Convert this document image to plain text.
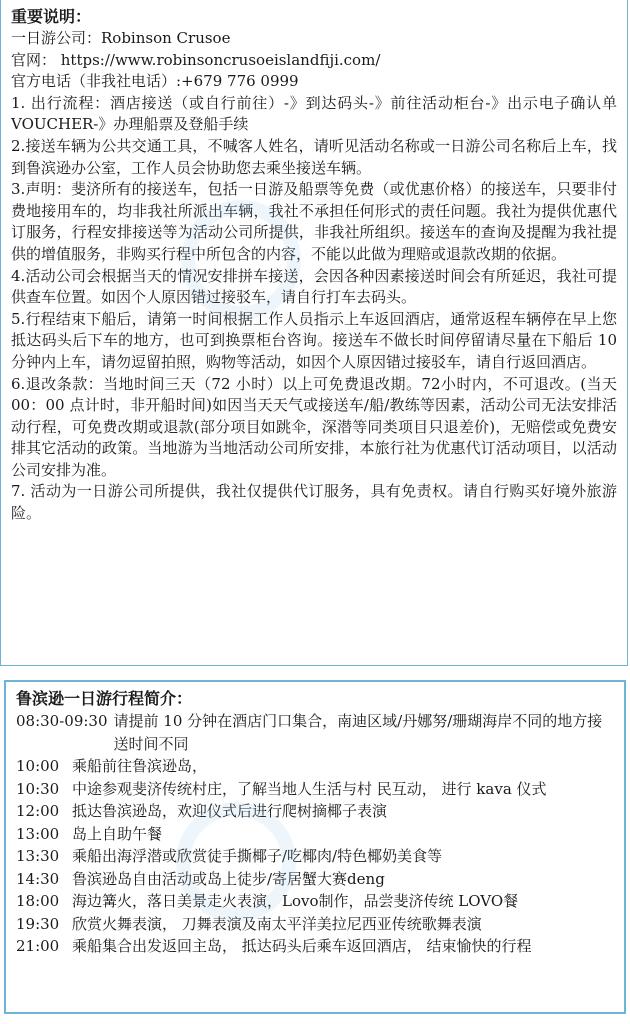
重要说明：

一日游公司：Robinson Crusoe

官网： https://www.robinsoncrusoeislandfiji.com/

官方电话（非我社电话）:+679 776 0999

1. 出行流程：酒店接送（或自行前往）-》到达码头-》前往活动柜台-》出示电子确认单 VOUCHER-》办理船票及登船手续

2.接送车辆为公共交通工具，不喊客人姓名，请听见活动名称或一日游公司名称后上车，找到鲁滨逊办公室，工作人员会协助您去乘坐接送车辆。

3.声明：斐济所有的接送车，包括一日游及船票等免费（或优惠价格）的接送车，只要非付费地接用车的，均非我社所派出车辆，我社不承担任何形式的责任问题。我社为提供优惠代订服务，行程安排接送等为活动公司所提供，非我社所组织。接送车的查询及提醒为我社提供的增值服务，非购买行程中所包含的内容，不能以此做为理赔或退款改期的依据。

4.活动公司会根据当天的情况安排拼车接送，会因各种因素接送时间会有所延迟，我社可提供查车位置。如因个人原因错过接驳车，请自行打车去码头。

5.行程结束下船后，请第一时间根据工作人员指示上车返回酒店，通常返程车辆停在早上您抵达码头后下车的地方，也可到换票柜台咨询。接送车不做长时间停留请尽量在下船后 10 分钟内上车，请勿逗留拍照，购物等活动，如因个人原因错过接驳车，请自行返回酒店。

6.退改条款：当地时间三天（72 小时）以上可免费退改期。72小时内，不可退改。(当天 00：00 点计时，非开船时间)如因当天天气或接送车/船/教练等因素，活动公司无法安排活动行程，可免费改期或退款(部分项目如跳伞，深潜等同类项目只退差价)，无赔偿或免费安排其它活动的政策。当地游为当地活动公司所安排，本旅行社为优惠代订活动项目，以活动公司安排为准。

7. 活动为一日游公司所提供，我社仅提供代订服务，具有免责权。请自行购买好境外旅游险。

鲁滨逊一日游行程简介：

08:30-09:30 请提前 10 分钟在酒店门口集合，南迪区域/丹娜努/珊瑚海岸不同的地方接送时间不同
10:00 乘船前往鲁滨逊岛，
10:30 中途参观斐济传统村庄，了解当地人生活与村 民互动， 进行 kava 仪式
12:00 抵达鲁滨逊岛，欢迎仪式后进行爬树摘椰子表演
13:00 岛上自助午餐
13:30 乘船出海浮潜或欣赏徒手撕椰子/吃椰肉/特色椰奶美食等
14:30 鲁滨逊岛自由活动或岛上徒步/寄居蟹大赛deng
18:00 海边篝火，落日美景走火表演，Lovo制作，品尝斐济传统 LOVO餐
19:30 欣赏火舞表演， 刀舞表演及南太平洋美拉尼西亚传统歌舞表演
21:00 乘船集合出发返回主岛， 抵达码头后乘车返回酒店， 结束愉快的行程
